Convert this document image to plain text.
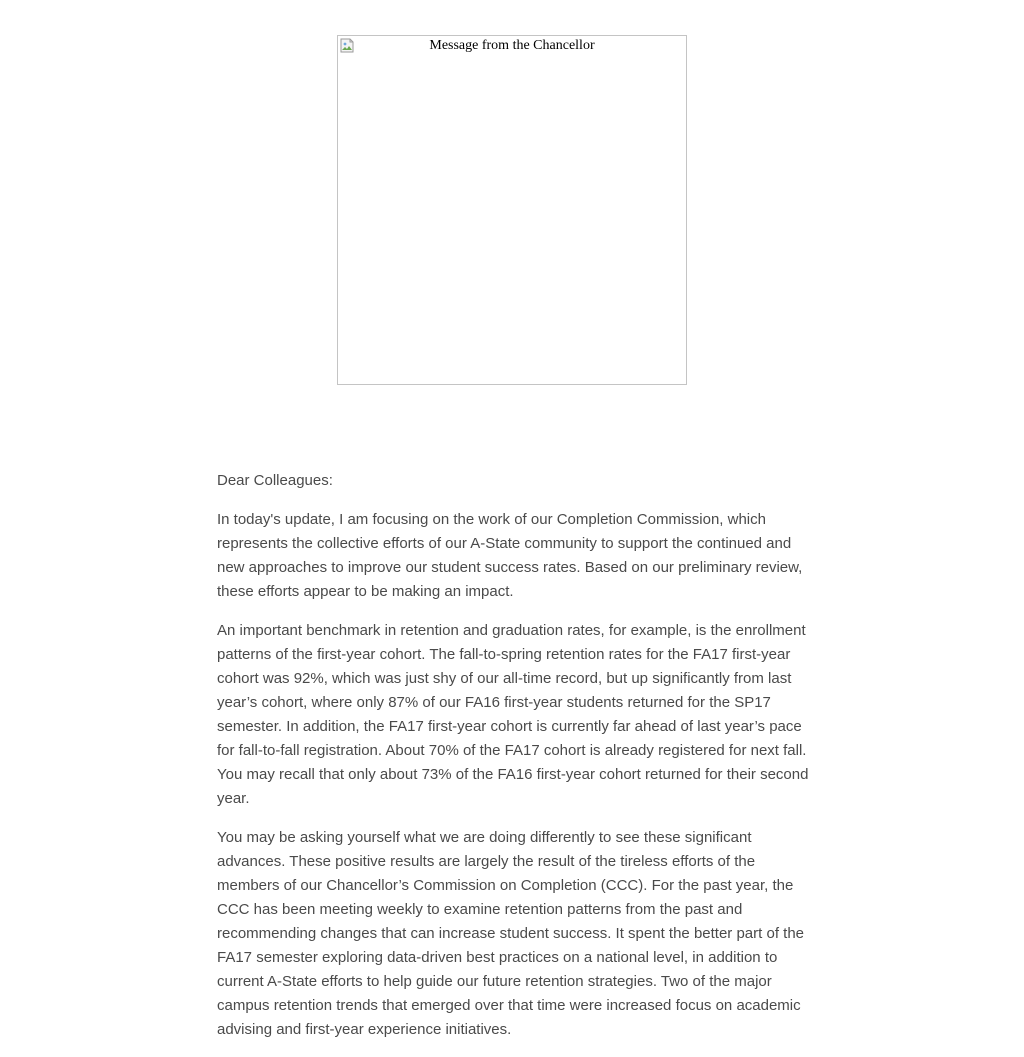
Message from the Chancellor

Dear Colleagues:

In today's update, I am focusing on the work of our Completion Commission, which represents the collective efforts of our A-State community to support the continued and new approaches to improve our student success rates. Based on our preliminary review, these efforts appear to be making an impact.

An important benchmark in retention and graduation rates, for example, is the enrollment patterns of the first-year cohort. The fall-to-spring retention rates for the FA17 first-year cohort was 92%, which was just shy of our all-time record, but up significantly from last year’s cohort, where only 87% of our FA16 first-year students returned for the SP17 semester. In addition, the FA17 first-year cohort is currently far ahead of last year’s pace for fall-to-fall registration. About 70% of the FA17 cohort is already registered for next fall. You may recall that only about 73% of the FA16 first-year cohort returned for their second year.

You may be asking yourself what we are doing differently to see these significant advances. These positive results are largely the result of the tireless efforts of the members of our Chancellor’s Commission on Completion (CCC). For the past year, the CCC has been meeting weekly to examine retention patterns from the past and recommending changes that can increase student success. It spent the better part of the FA17 semester exploring data-driven best practices on a national level, in addition to current A-State efforts to help guide our future retention strategies. Two of the major campus retention trends that emerged over that time were increased focus on academic advising and first-year experience initiatives.
